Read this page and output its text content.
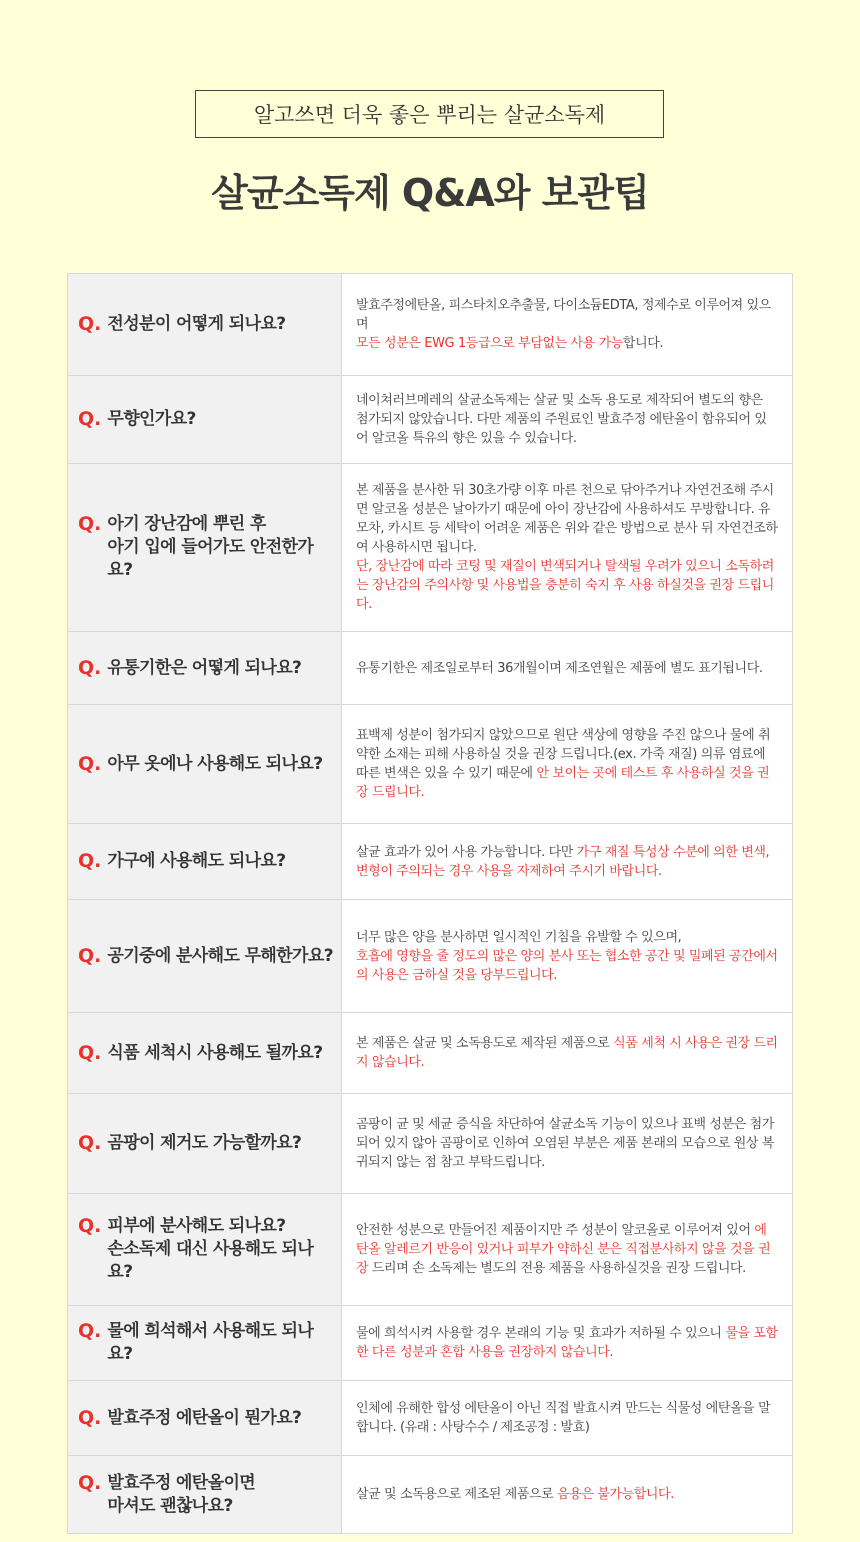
알고쓰면 더욱 좋은 뿌리는 살균소독제
살균소독제 Q&A와 보관팁
Q. 전성분이 어떻게 되나요?

발효주정에탄올, 피스타치오추출물, 다이소듐EDTA, 정제수로 이루어져 있으며

모든 성분은 EWG 1등급으로 부담없는 사용 가능합니다.

Q. 무향인가요?

네이쳐러브메레의 살균소독제는 살균 및 소독 용도로 제작되어 별도의 향은 첨가되지 않았습니다. 다만 제품의 주원료인 발효주정 에탄올이 함유되어 있어 알코올 특유의 향은 있을 수 있습니다.

Q. 아기 장난감에 뿌린 후
아기 입에 들어가도 안전한가요?

본 제품을 분사한 뒤 30초가량 이후 마른 천으로 닦아주거나 자연건조해 주시면 알코올 성분은 날아가기 때문에 아이 장난감에 사용하셔도 무방합니다. 유모차, 카시트 등 세탁이 어려운 제품은 위와 같은 방법으로 분사 뒤 자연건조하여 사용하시면 됩니다.

단, 장난감에 따라 코팅 및 재질이 변색되거나 탈색될 우려가 있으니 소독하려는 장난감의 주의사항 및 사용법을 충분히 숙지 후 사용 하실것을 권장 드립니다.

Q. 유통기한은 어떻게 되나요?	유통기한은 제조일로부터 36개월이며 제조연월은 제품에 별도 표기됩니다.

Q. 아무 옷에나 사용해도 되나요?

표백제 성분이 첨가되지 않았으므로 원단 색상에 영향을 주진 않으나 물에 취약한 소재는 피해 사용하실 것을 권장 드립니다.(ex. 가죽 재질) 의류 염료에 따른 변색은 있을 수 있기 때문에 안 보이는 곳에 테스트 후 사용하실 것을 권장 드립니다.

Q. 가구에 사용해도 되나요?	살균 효과가 있어 사용 가능합니다. 다만 가구 재질 특성상 수분에 의한 변색, 변형이 주의되는 경우 사용을 자제하여 주시기 바랍니다.

Q. 공기중에 분사해도 무해한가요?

너무 많은 양을 분사하면 일시적인 기침을 유발할 수 있으며,

호흡에 영향을 줄 정도의 많은 양의 분사 또는 협소한 공간 및 밀폐된 공간에서의 사용은 금하실 것을 당부드립니다.

Q. 식품 세척시 사용해도 될까요?	본 제품은 살균 및 소독용도로 제작된 제품으로 식품 세척 시 사용은 권장 드리지 않습니다.

Q. 곰팡이 제거도 가능할까요?

곰팡이 균 및 세균 증식을 차단하여 살균소독 기능이 있으나 표백 성분은 첨가되어 있지 않아 곰팡이로 인하여 오염된 부분은 제품 본래의 모습으로 원상 복귀되지 않는 점 참고 부탁드립니다.

Q. 피부에 분사해도 되나요?
손소독제 대신 사용해도 되나요?

안전한 성분으로 만들어진 제품이지만 주 성분이 알코올로 이루어져 있어 에탄올 알레르기 반응이 있거나 피부가 약하신 분은 직접분사하지 않을 것을 권장 드리며 손 소독제는 별도의 전용 제품을 사용하실것을 권장 드립니다.

Q. 물에 희석해서 사용해도 되나요?

물에 희석시켜 사용할 경우 본래의 기능 및 효과가 저하될 수 있으니 물을 포함한 다른 성분과 혼합 사용을 권장하지 않습니다.

Q. 발효주정 에탄올이 뭔가요?	인체에 유해한 합성 에탄올이 아닌 직접 발효시켜 만드는 식물성 에탄올을 말합니다. (유래 : 사탕수수 / 제조공정 : 발효)

Q. 발효주정 에탄올이면
마셔도 괜찮나요?

살균 및 소독용으로 제조된 제품으로 음용은 불가능합니다.
